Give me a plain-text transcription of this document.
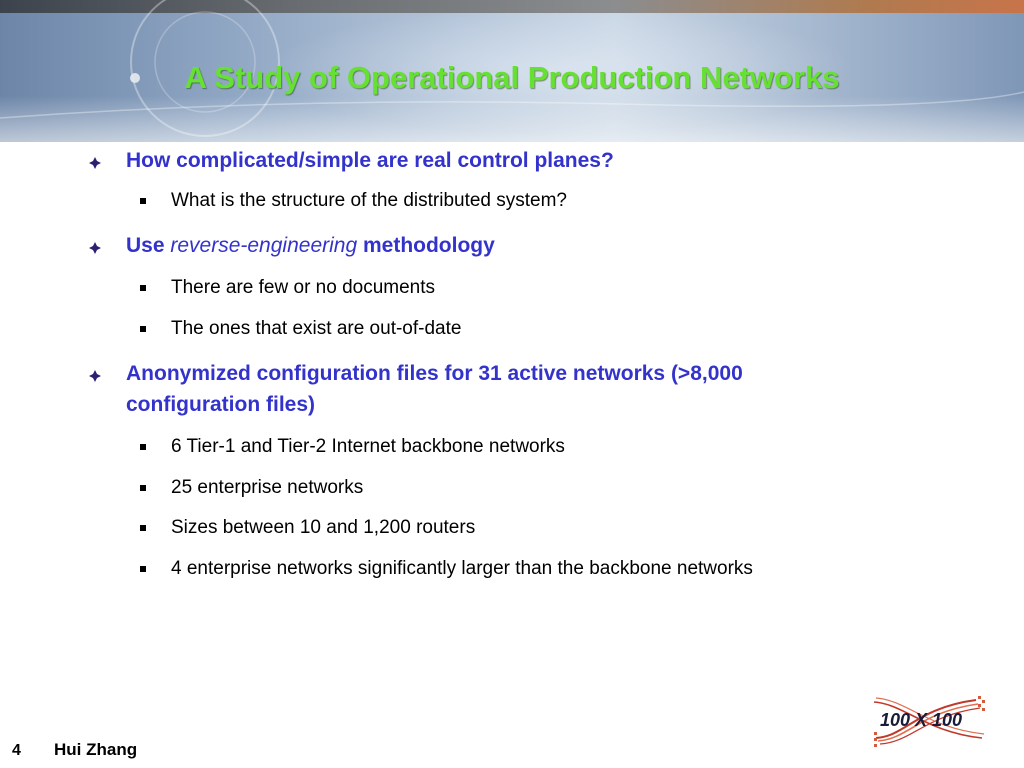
A Study of Operational Production Networks

How complicated/simple are real control planes?

What is the structure of the distributed system?

Use reverse-engineering methodology

There are few or no documents

The ones that exist are out-of-date

Anonymized configuration files for 31 active networks (>8,000

configuration files)

6 Tier-1 and Tier-2 Internet backbone networks

25 enterprise networks

Sizes between 10 and 1,200 routers

4 enterprise networks significantly larger than the backbone networks

4 Hui Zhang
100 X 100
